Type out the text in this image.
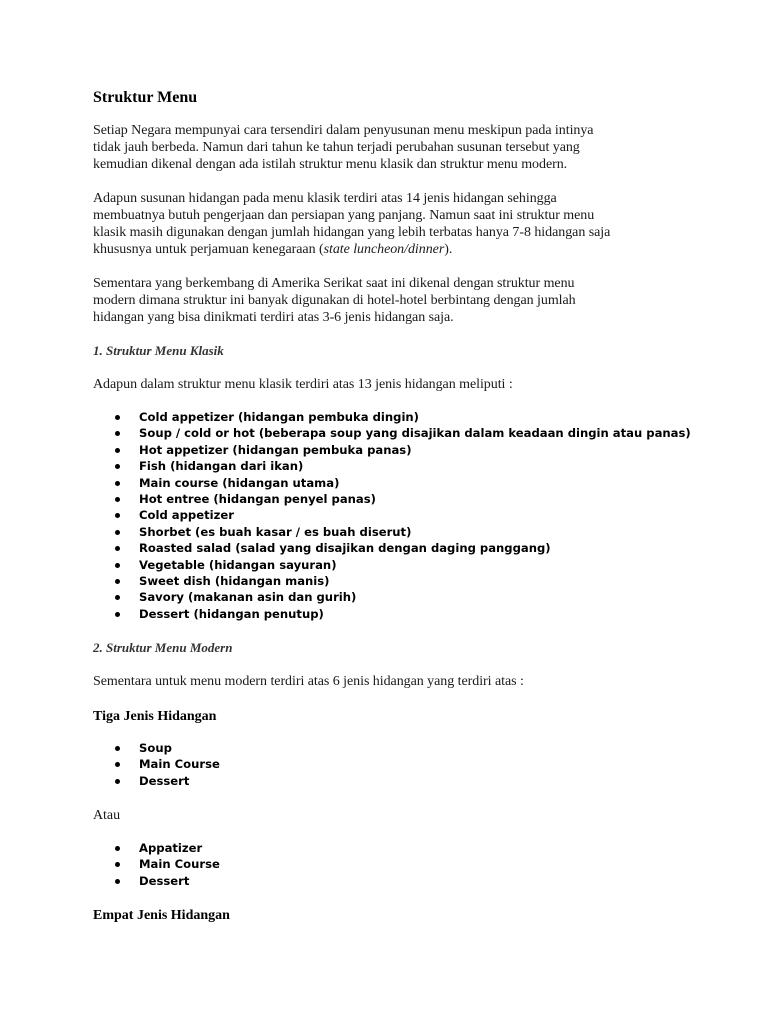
Struktur Menu
Setiap Negara mempunyai cara tersendiri dalam penyusunan menu meskipun pada intinya
tidak jauh berbeda. Namun dari tahun ke tahun terjadi perubahan susunan tersebut yang
kemudian dikenal dengan ada istilah struktur menu klasik dan struktur menu modern.
Adapun susunan hidangan pada menu klasik terdiri atas 14 jenis hidangan sehingga
membuatnya butuh pengerjaan dan persiapan yang panjang. Namun saat ini struktur menu
klasik masih digunakan dengan jumlah hidangan yang lebih terbatas hanya 7-8 hidangan saja
khususnya untuk perjamuan kenegaraan (state luncheon/dinner).
Sementara yang berkembang di Amerika Serikat saat ini dikenal dengan struktur menu
modern dimana struktur ini banyak digunakan di hotel-hotel berbintang dengan jumlah
hidangan yang bisa dinikmati terdiri atas 3-6 jenis hidangan saja.
1. Struktur Menu Klasik

Adapun dalam struktur menu klasik terdiri atas 13 jenis hidangan meliputi :

Cold appetizer (hidangan pembuka dingin)
Soup / cold or hot (beberapa soup yang disajikan dalam keadaan dingin atau panas)
Hot appetizer (hidangan pembuka panas)
Fish (hidangan dari ikan)
Main course (hidangan utama)
Hot entree (hidangan penyel panas)
Cold appetizer
Shorbet (es buah kasar / es buah diserut)
Roasted salad (salad yang disajikan dengan daging panggang)
Vegetable (hidangan sayuran)
Sweet dish (hidangan manis)
Savory (makanan asin dan gurih)
Dessert (hidangan penutup)
2. Struktur Menu Modern

Sementara untuk menu modern terdiri atas 6 jenis hidangan yang terdiri atas :

Tiga Jenis Hidangan
Soup
Main Course
Dessert

Atau

Appatizer
Main Course
Dessert
Empat Jenis Hidangan
